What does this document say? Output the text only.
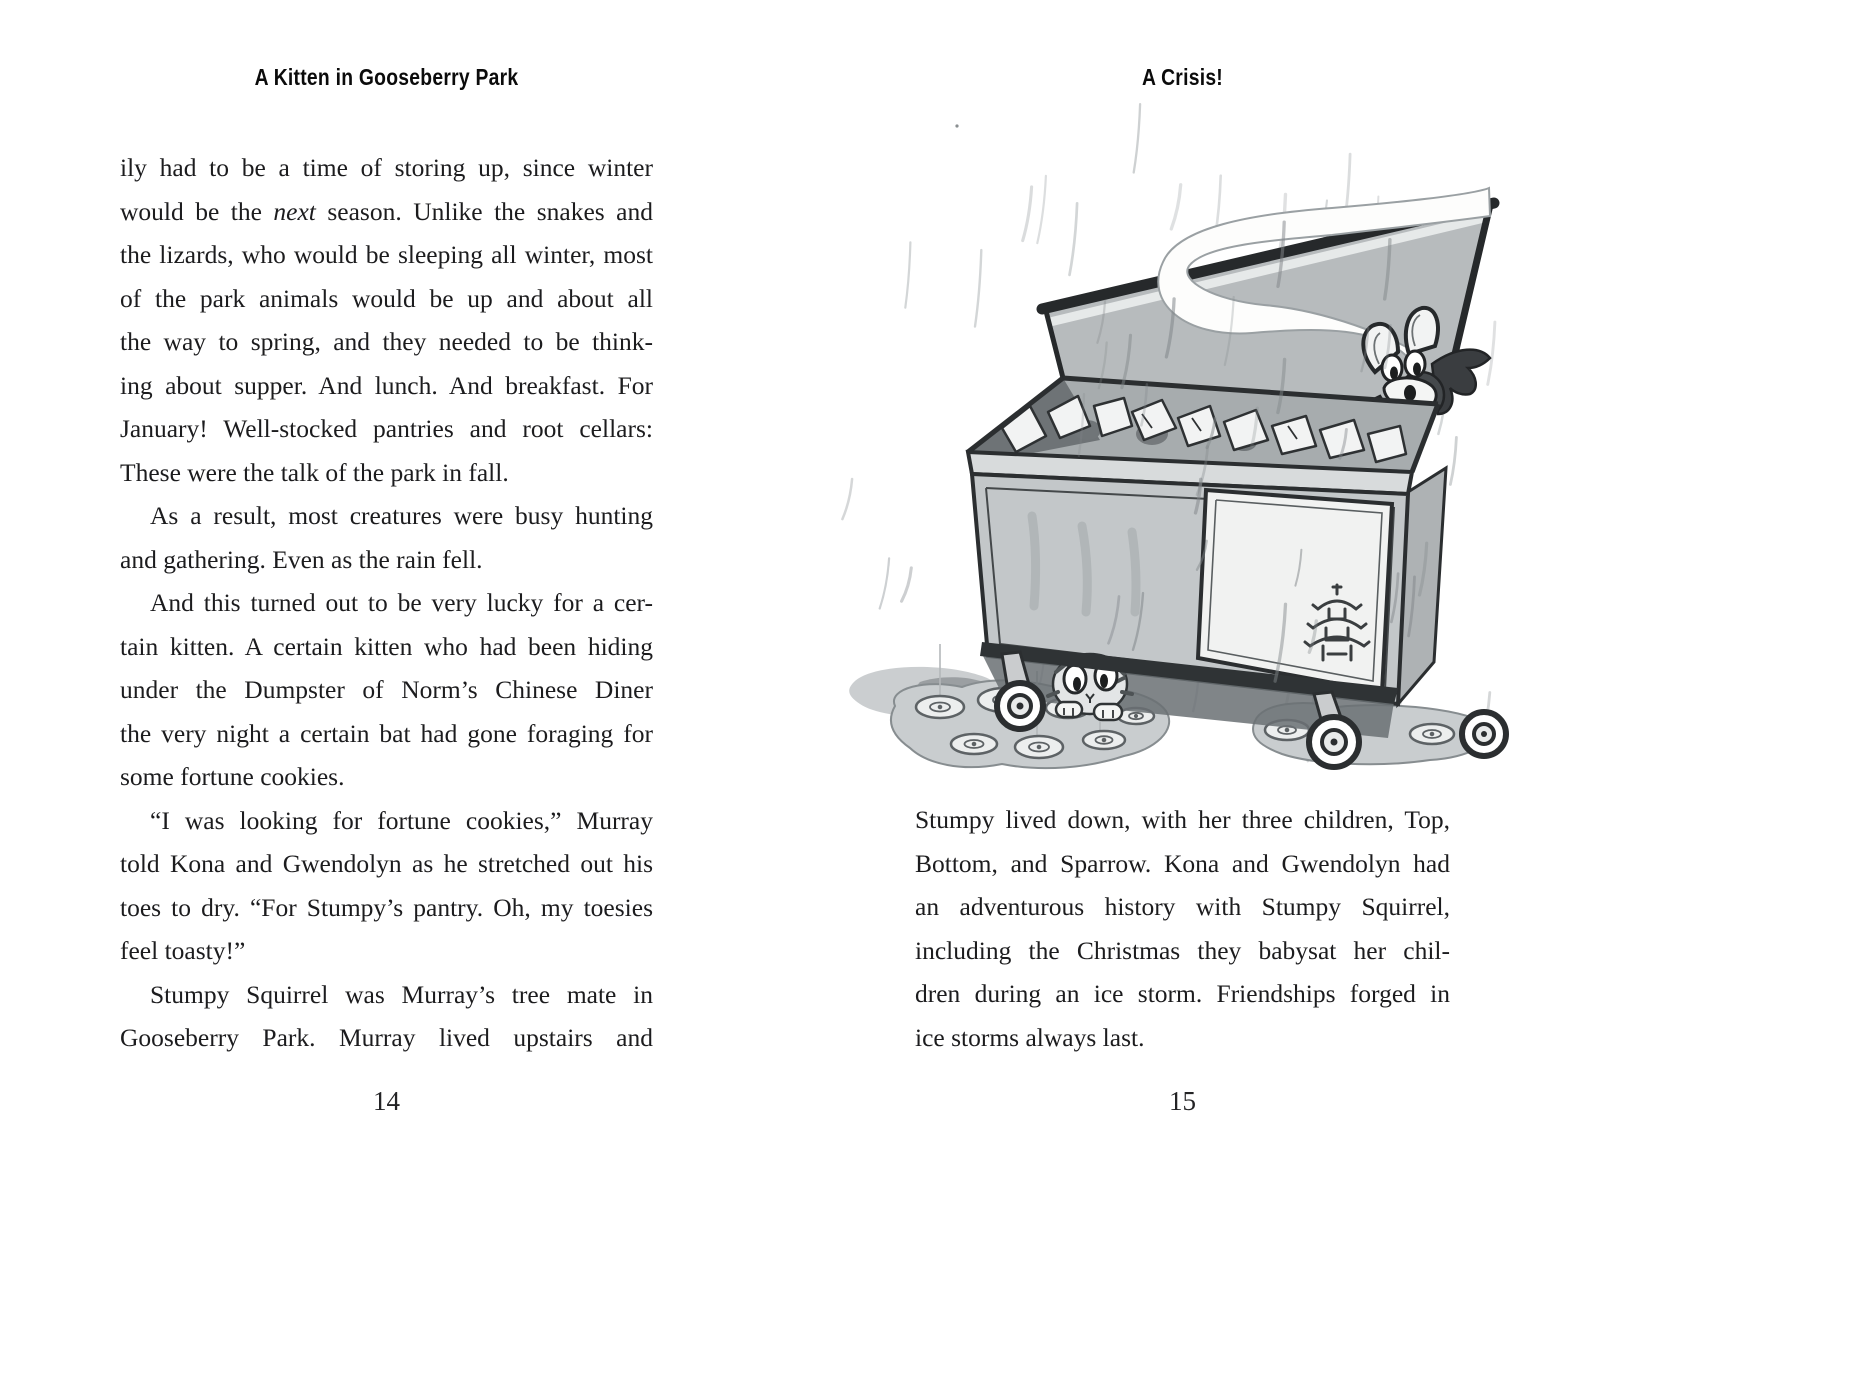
A Kitten in Gooseberry Park
ily had to be a time of storing up, since winter
would be the next season. Unlike the snakes and
the lizards, who would be sleeping all winter, most
of the park animals would be up and about all
the way to spring, and they needed to be think-
ing about supper. And lunch. And breakfast. For
January! Well-stocked pantries and root cellars:
These were the talk of the park in fall.
As a result, most creatures were busy hunting
and gathering. Even as the rain fell.
And this turned out to be very lucky for a cer-
tain kitten. A certain kitten who had been hiding
under the Dumpster of Norm’s Chinese Diner
the very night a certain bat had gone foraging for
some fortune cookies.
“I was looking for fortune cookies,” Murray
told Kona and Gwendolyn as he stretched out his
toes to dry. “For Stumpy’s pantry. Oh, my toesies
feel toasty!”
Stumpy Squirrel was Murray’s tree mate in
Gooseberry Park. Murray lived upstairs and
14
A Crisis!
Stumpy lived down, with her three children, Top,
Bottom, and Sparrow. Kona and Gwendolyn had
an adventurous history with Stumpy Squirrel,
including the Christmas they babysat her chil-
dren during an ice storm. Friendships forged in
ice storms always last.
15
